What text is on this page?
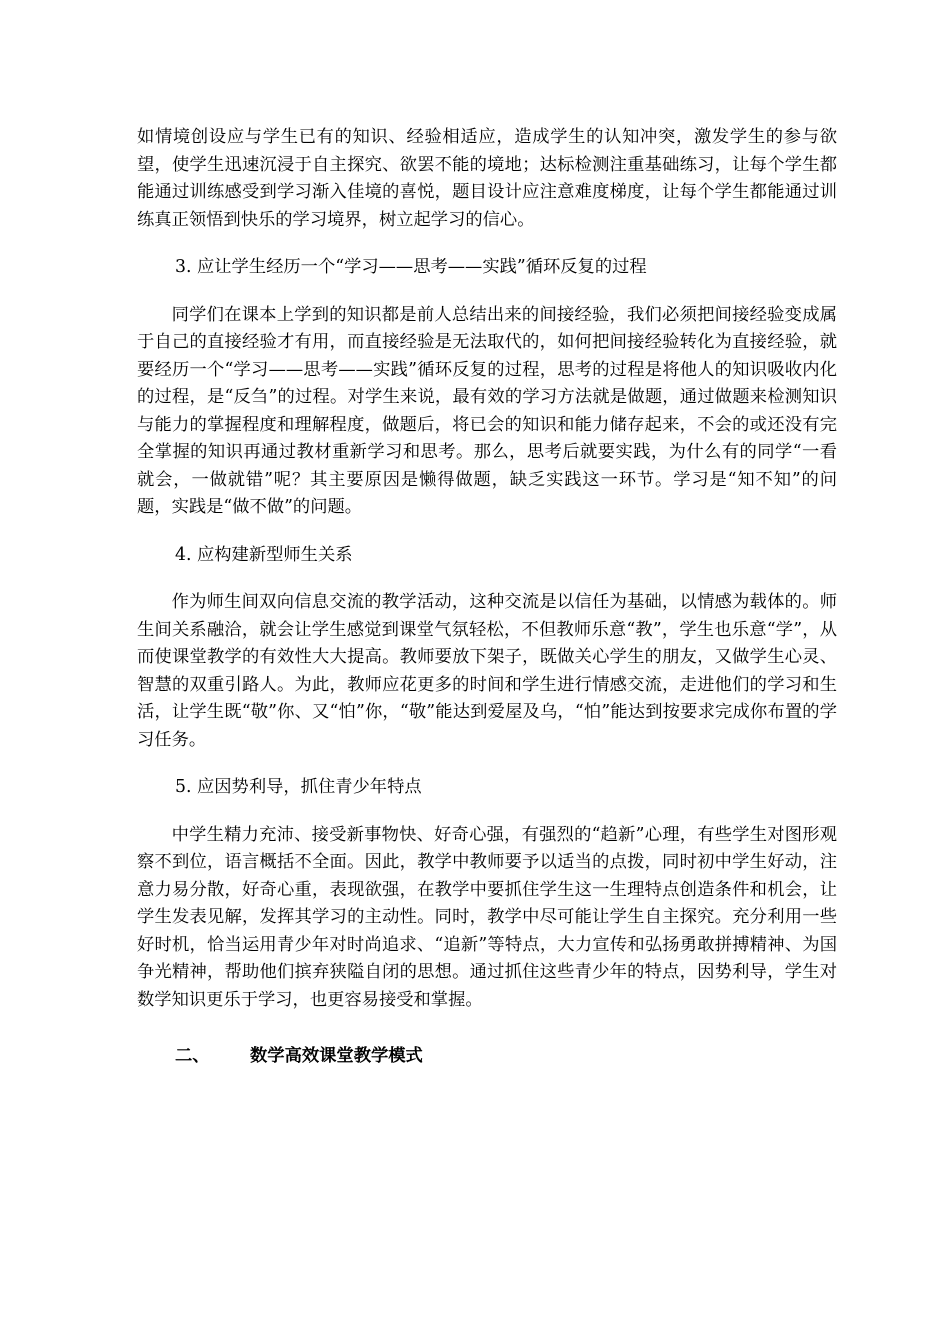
如情境创设应与学生已有的知识、经验相适应，造成学生的认知冲突，激发学生的参与欲望，使学生迅速沉浸于自主探究、欲罢不能的境地；达标检测注重基础练习，让每个学生都能通过训练感受到学习渐入佳境的喜悦，题目设计应注意难度梯度，让每个学生都能通过训练真正领悟到快乐的学习境界，树立起学习的信心。

3. 应让学生经历一个“学习——思考——实践”循环反复的过程

同学们在课本上学到的知识都是前人总结出来的间接经验，我们必须把间接经验变成属于自己的直接经验才有用，而直接经验是无法取代的，如何把间接经验转化为直接经验，就要经历一个“学习——思考——实践”循环反复的过程，思考的过程是将他人的知识吸收内化的过程，是“反刍”的过程。对学生来说，最有效的学习方法就是做题，通过做题来检测知识与能力的掌握程度和理解程度，做题后，将已会的知识和能力储存起来，不会的或还没有完全掌握的知识再通过教材重新学习和思考。那么，思考后就要实践，为什么有的同学“一看就会，一做就错”呢？其主要原因是懒得做题，缺乏实践这一环节。学习是“知不知”的问题，实践是“做不做”的问题。

4. 应构建新型师生关系

作为师生间双向信息交流的教学活动，这种交流是以信任为基础，以情感为载体的。师生间关系融洽，就会让学生感觉到课堂气氛轻松，不但教师乐意“教”，学生也乐意“学”，从而使课堂教学的有效性大大提高。教师要放下架子，既做关心学生的朋友，又做学生心灵、智慧的双重引路人。为此，教师应花更多的时间和学生进行情感交流，走进他们的学习和生活，让学生既“敬”你、又“怕”你，“敬”能达到爱屋及乌，“怕”能达到按要求完成你布置的学习任务。

5. 应因势利导，抓住青少年特点

中学生精力充沛、接受新事物快、好奇心强，有强烈的“趋新”心理，有些学生对图形观察不到位，语言概括不全面。因此，教学中教师要予以适当的点拨，同时初中学生好动，注意力易分散，好奇心重，表现欲强，在教学中要抓住学生这一生理特点创造条件和机会，让学生发表见解，发挥其学习的主动性。同时，教学中尽可能让学生自主探究。充分利用一些好时机，恰当运用青少年对时尚追求、“追新”等特点，大力宣传和弘扬勇敢拼搏精神、为国争光精神，帮助他们摈弃狭隘自闭的思想。通过抓住这些青少年的特点，因势利导，学生对数学知识更乐于学习，也更容易接受和掌握。

二、	数学高效课堂教学模式
